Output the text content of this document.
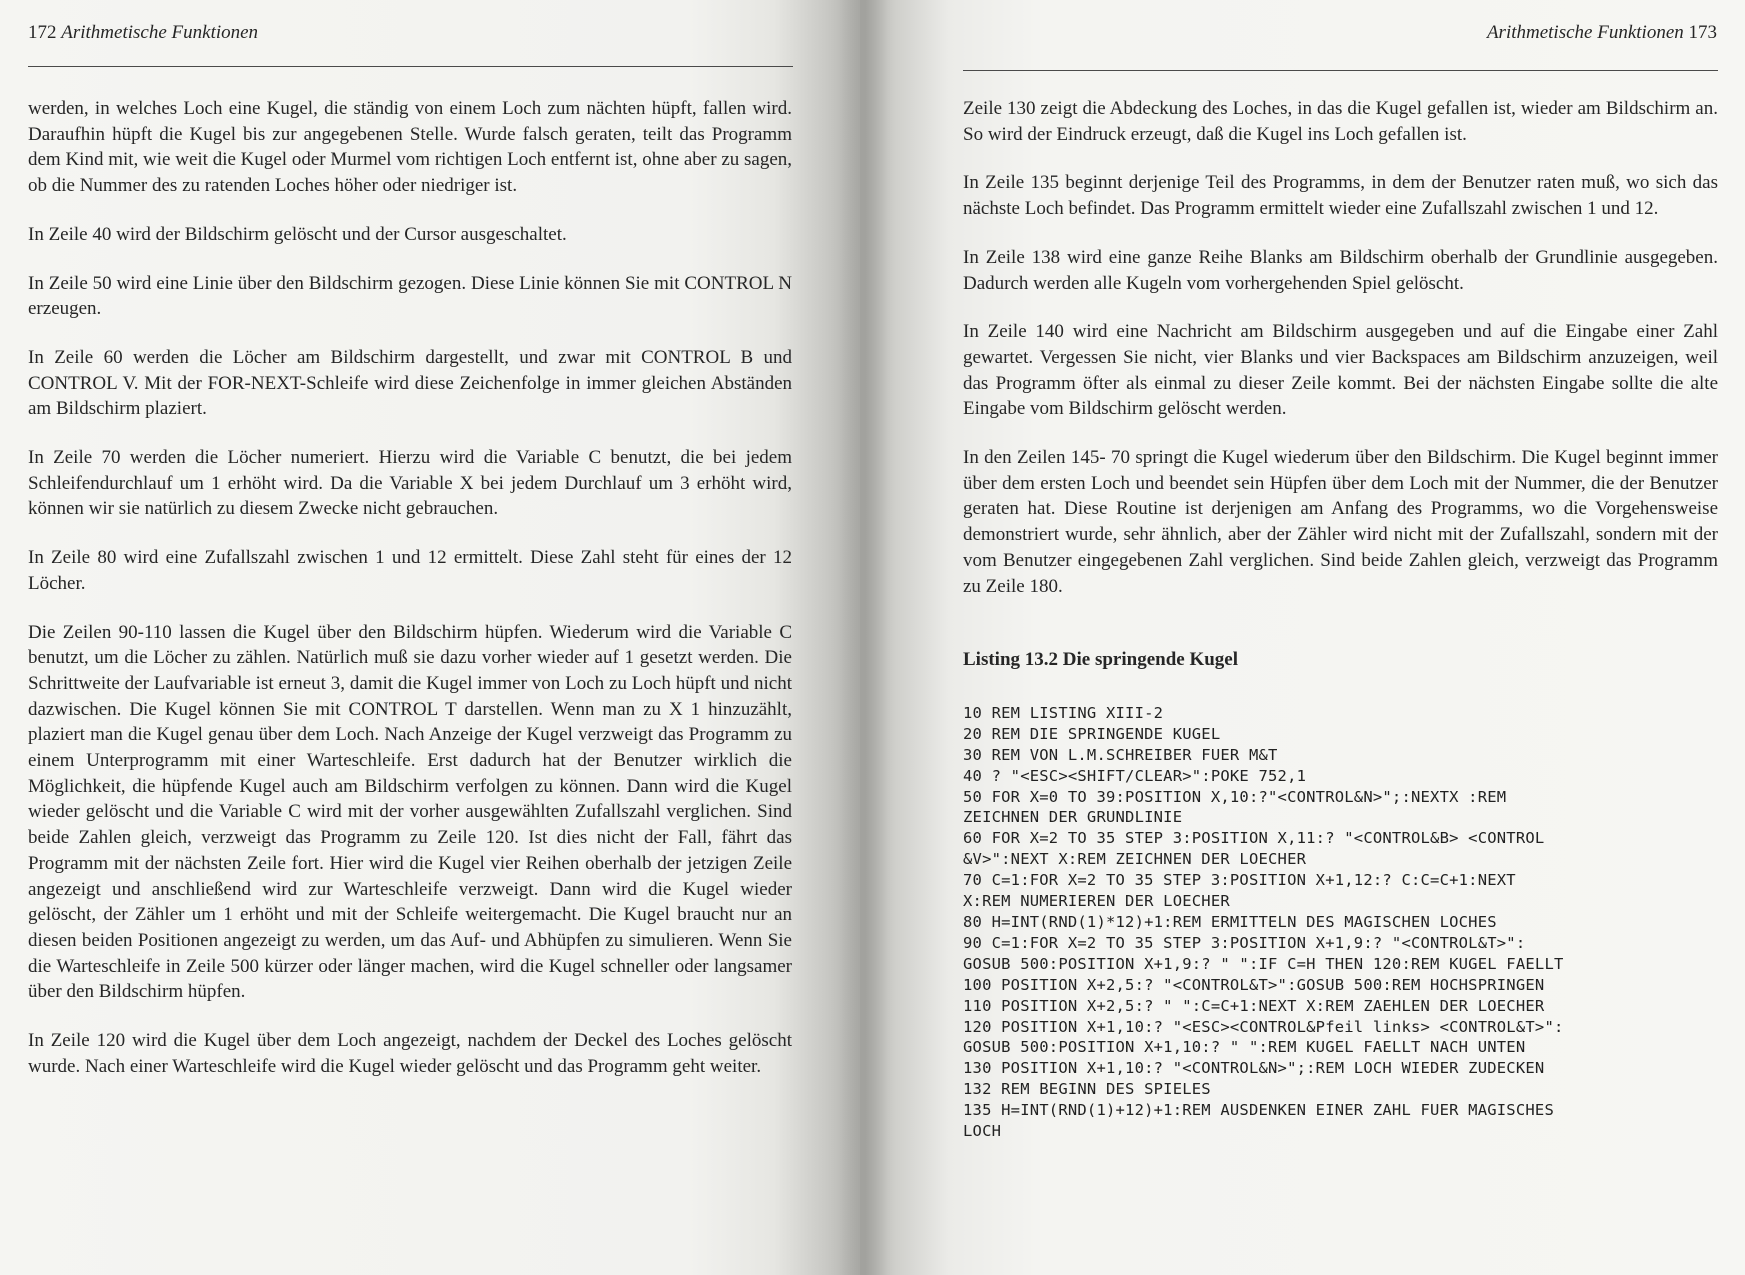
172 Arithmetische Funktionen

werden, in welches Loch eine Kugel, die ständig von einem Loch zum nächten hüpft, fallen wird. Daraufhin hüpft die Kugel bis zur angegebenen Stelle. Wurde falsch geraten, teilt das Programm dem Kind mit, wie weit die Kugel oder Murmel vom richtigen Loch entfernt ist, ohne aber zu sagen, ob die Nummer des zu ratenden Loches höher oder niedriger ist.

In Zeile 40 wird der Bildschirm gelöscht und der Cursor ausgeschaltet.

In Zeile 50 wird eine Linie über den Bildschirm gezogen. Diese Linie können Sie mit CONTROL N erzeugen.

In Zeile 60 werden die Löcher am Bildschirm dargestellt, und zwar mit CONTROL B und CONTROL V. Mit der FOR-NEXT-Schleife wird diese Zeichenfolge in immer gleichen Abständen am Bildschirm plaziert.

In Zeile 70 werden die Löcher numeriert. Hierzu wird die Variable C benutzt, die bei jedem Schleifendurchlauf um 1 erhöht wird. Da die Variable X bei jedem Durchlauf um 3 erhöht wird, können wir sie natürlich zu diesem Zwecke nicht gebrauchen.

In Zeile 80 wird eine Zufallszahl zwischen 1 und 12 ermittelt. Diese Zahl steht für eines der 12 Löcher.

Die Zeilen 90-110 lassen die Kugel über den Bildschirm hüpfen. Wiederum wird die Variable C benutzt, um die Löcher zu zählen. Natürlich muß sie dazu vorher wieder auf 1 gesetzt werden. Die Schrittweite der Laufvariable ist erneut 3, damit die Kugel immer von Loch zu Loch hüpft und nicht dazwischen. Die Kugel können Sie mit CONTROL T darstellen. Wenn man zu X 1 hinzuzählt, plaziert man die Kugel genau über dem Loch. Nach Anzeige der Kugel verzweigt das Programm zu einem Unterprogramm mit einer Warteschleife. Erst dadurch hat der Benutzer wirklich die Möglichkeit, die hüpfende Kugel auch am Bildschirm verfolgen zu können. Dann wird die Kugel wieder gelöscht und die Variable C wird mit der vorher ausgewählten Zufallszahl verglichen. Sind beide Zahlen gleich, verzweigt das Programm zu Zeile 120. Ist dies nicht der Fall, fährt das Programm mit der nächsten Zeile fort. Hier wird die Kugel vier Reihen oberhalb der jetzigen Zeile angezeigt und anschließend wird zur Warteschleife verzweigt. Dann wird die Kugel wieder gelöscht, der Zähler um 1 erhöht und mit der Schleife weitergemacht. Die Kugel braucht nur an diesen beiden Positionen angezeigt zu werden, um das Auf- und Abhüpfen zu simulieren. Wenn Sie die Warteschleife in Zeile 500 kürzer oder länger machen, wird die Kugel schneller oder langsamer über den Bildschirm hüpfen.

In Zeile 120 wird die Kugel über dem Loch angezeigt, nachdem der Deckel des Loches gelöscht wurde. Nach einer Warteschleife wird die Kugel wieder gelöscht und das Programm geht weiter.

Arithmetische Funktionen 173

Zeile 130 zeigt die Abdeckung des Loches, in das die Kugel gefallen ist, wieder am Bildschirm an. So wird der Eindruck erzeugt, daß die Kugel ins Loch gefallen ist.

In Zeile 135 beginnt derjenige Teil des Programms, in dem der Benutzer raten muß, wo sich das nächste Loch befindet. Das Programm ermittelt wieder eine Zufallszahl zwischen 1 und 12.

In Zeile 138 wird eine ganze Reihe Blanks am Bildschirm oberhalb der Grundlinie ausgegeben. Dadurch werden alle Kugeln vom vorhergehenden Spiel gelöscht.

In Zeile 140 wird eine Nachricht am Bildschirm ausgegeben und auf die Eingabe einer Zahl gewartet. Vergessen Sie nicht, vier Blanks und vier Backspaces am Bildschirm anzuzeigen, weil das Programm öfter als einmal zu dieser Zeile kommt. Bei der nächsten Eingabe sollte die alte Eingabe vom Bildschirm gelöscht werden.

In den Zeilen 145- 70 springt die Kugel wiederum über den Bildschirm. Die Kugel beginnt immer über dem ersten Loch und beendet sein Hüpfen über dem Loch mit der Nummer, die der Benutzer geraten hat. Diese Routine ist derjenigen am Anfang des Programms, wo die Vorgehensweise demonstriert wurde, sehr ähnlich, aber der Zähler wird nicht mit der Zufallszahl, sondern mit der vom Benutzer eingegebenen Zahl verglichen. Sind beide Zahlen gleich, verzweigt das Programm zu Zeile 180.

Listing 13.2 Die springende Kugel

10 REM LISTING XIII-2
20 REM DIE SPRINGENDE KUGEL
30 REM VON L.M.SCHREIBER FUER M&T
40 ? "<ESC><SHIFT/CLEAR>":POKE 752,1
50 FOR X=0 TO 39:POSITION X,10:?"<CONTROL&N>";:NEXTX :REM
ZEICHNEN DER GRUNDLINIE
60 FOR X=2 TO 35 STEP 3:POSITION X,11:? "<CONTROL&B> <CONTROL
&V>":NEXT X:REM ZEICHNEN DER LOECHER
70 C=1:FOR X=2 TO 35 STEP 3:POSITION X+1,12:? C:C=C+1:NEXT
X:REM NUMERIEREN DER LOECHER
80 H=INT(RND(1)*12)+1:REM ERMITTELN DES MAGISCHEN LOCHES
90 C=1:FOR X=2 TO 35 STEP 3:POSITION X+1,9:? "<CONTROL&T>":
GOSUB 500:POSITION X+1,9:? " ":IF C=H THEN 120:REM KUGEL FAELLT
100 POSITION X+2,5:? "<CONTROL&T>":GOSUB 500:REM HOCHSPRINGEN
110 POSITION X+2,5:? " ":C=C+1:NEXT X:REM ZAEHLEN DER LOECHER
120 POSITION X+1,10:? "<ESC><CONTROL&Pfeil links> <CONTROL&T>":
GOSUB 500:POSITION X+1,10:? " ":REM KUGEL FAELLT NACH UNTEN
130 POSITION X+1,10:? "<CONTROL&N>";:REM LOCH WIEDER ZUDECKEN
132 REM BEGINN DES SPIELES
135 H=INT(RND(1)+12)+1:REM AUSDENKEN EINER ZAHL FUER MAGISCHES
LOCH
